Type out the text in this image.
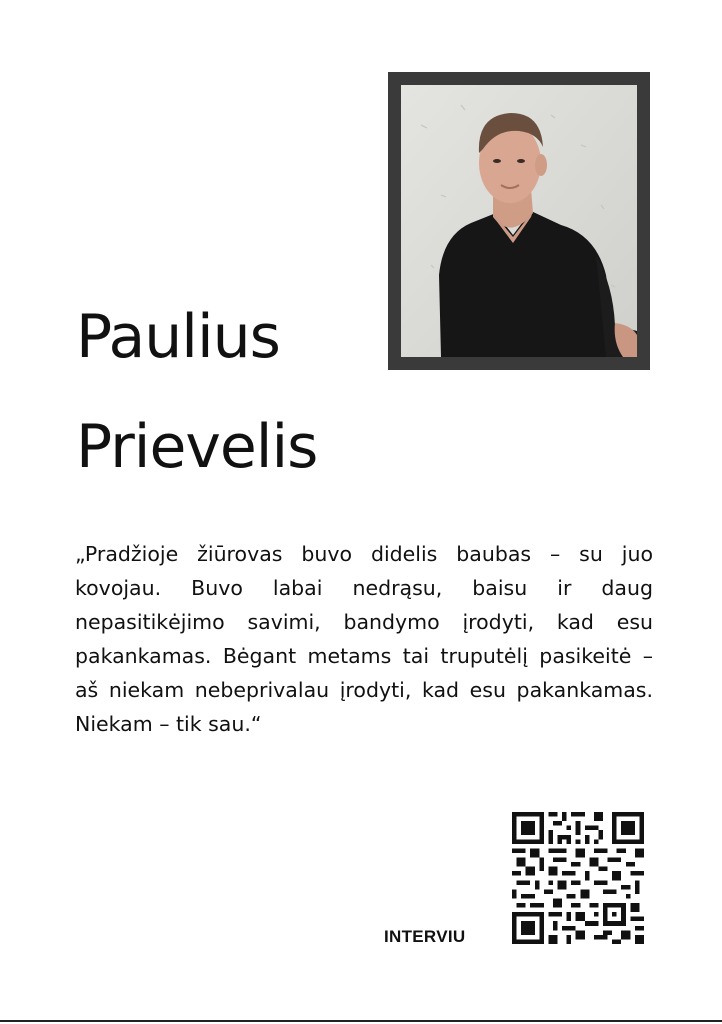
Paulius
Prievelis

„Pradžioje žiūrovas buvo didelis baubas – su juo kovojau. Buvo labai nedrąsu, baisu ir daug nepasitikėjimo savimi, bandymo įrodyti, kad esu pakankamas. Bėgant metams tai truputėlį pasikeitė – aš niekam nebeprivalau įrodyti, kad esu pakankamas. Niekam – tik sau.“

INTERVIU
